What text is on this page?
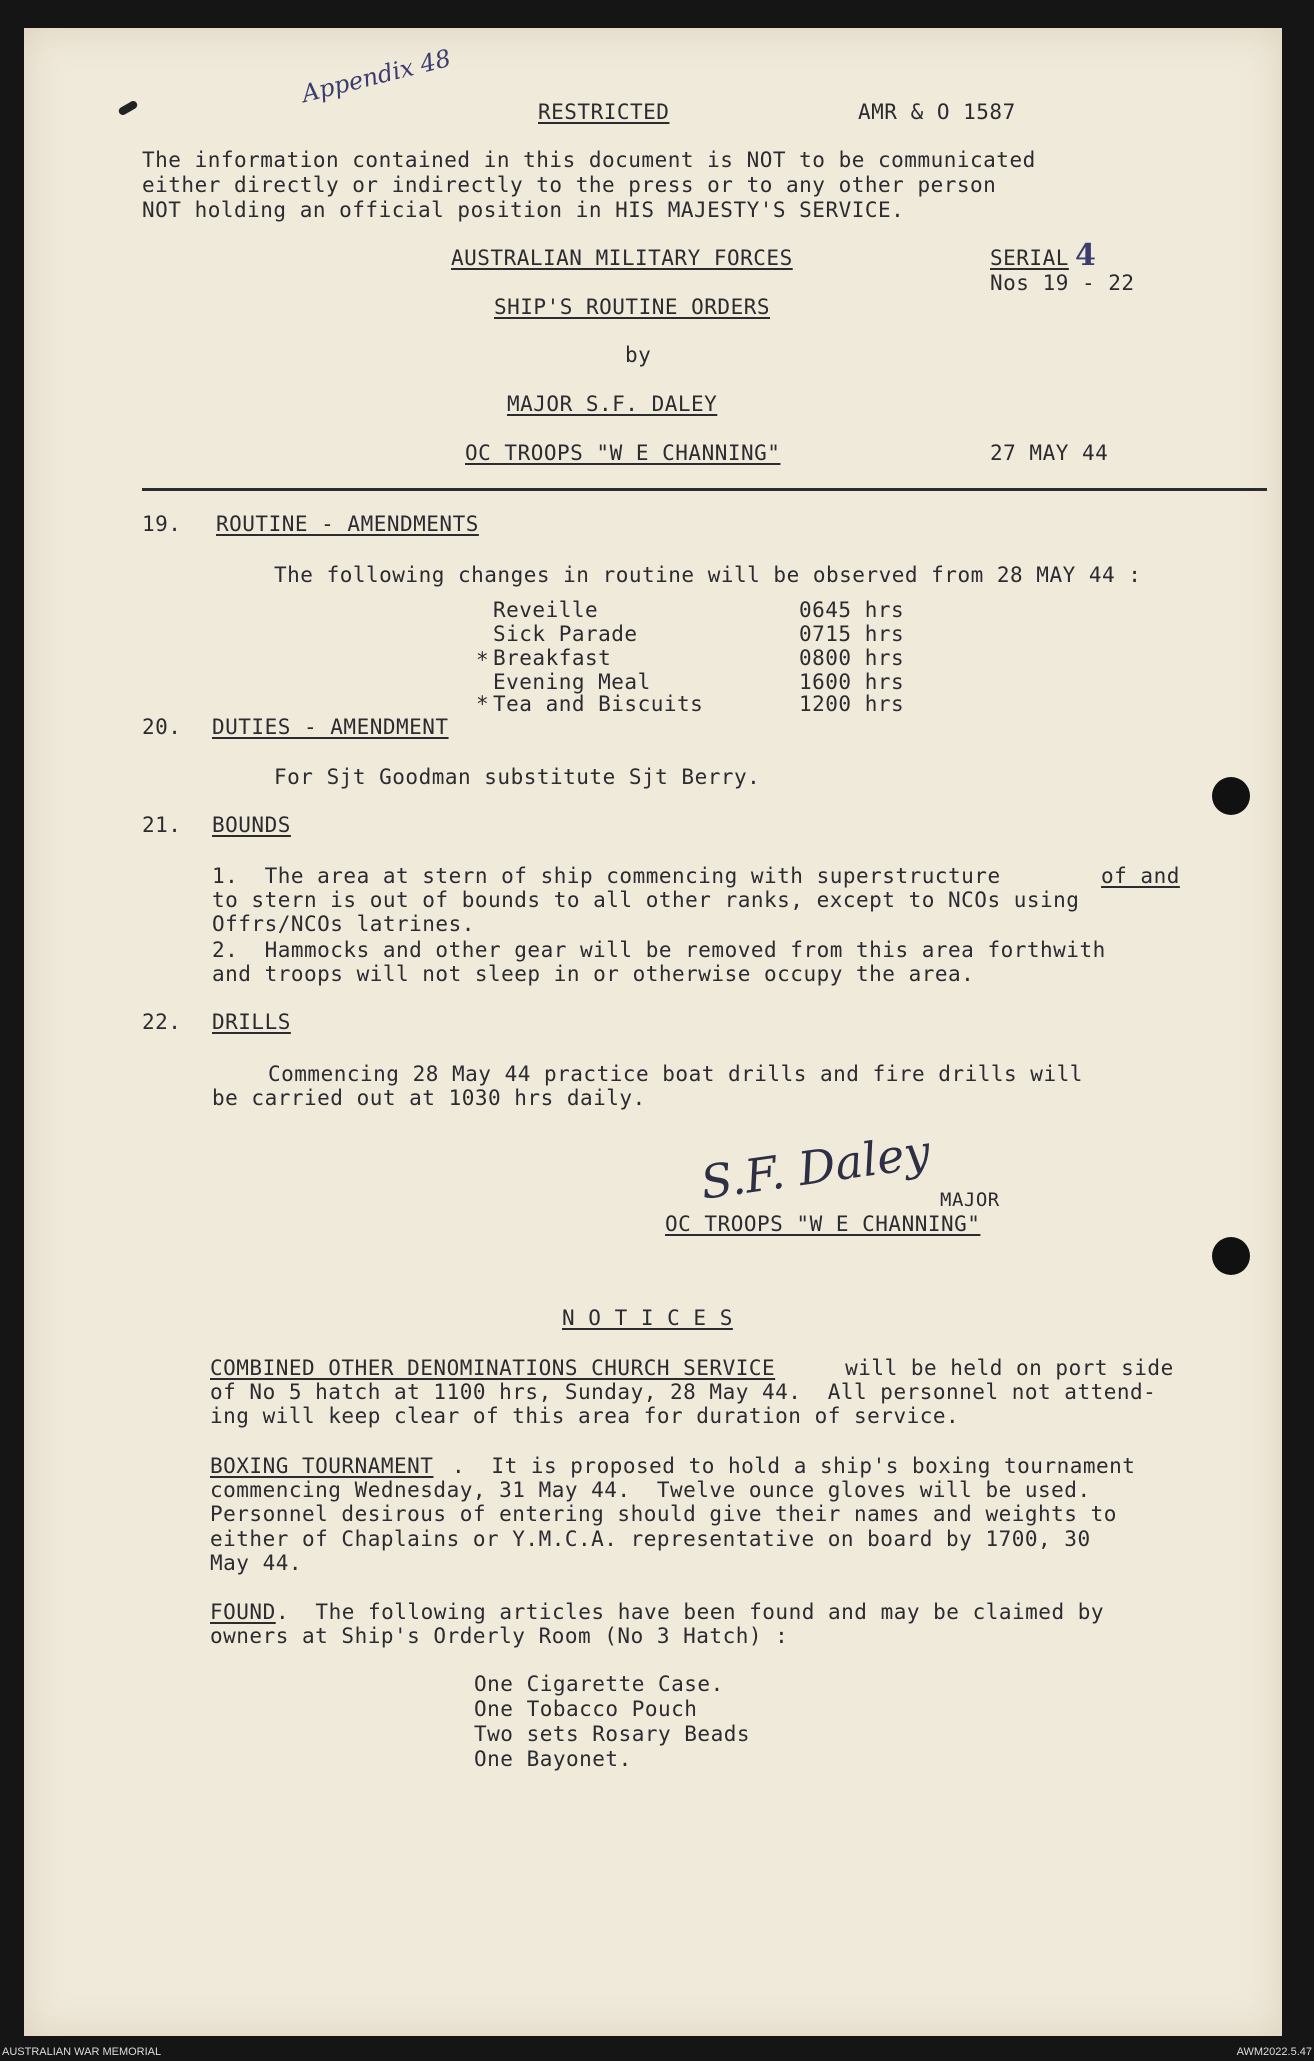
Appendix 48
RESTRICTED	AMR & O 1587
The information contained in this document is NOT to be communicated
either directly or indirectly to the press or to any other person
NOT holding an official position in HIS MAJESTY'S SERVICE.
AUSTRALIAN MILITARY FORCES	SERIAL 4
Nos 19 - 22
SHIP'S ROUTINE ORDERS
by
MAJOR S.F. DALEY
OC TROOPS "W E CHANNING"	27 MAY 44
19. ROUTINE - AMENDMENTS
The following changes in routine will be observed from 28 MAY 44 :
Reveille	0645 hrs
Sick Parade	0715 hrs
* Breakfast	0800 hrs
Evening Meal	1600 hrs
* Tea and Biscuits	1200 hrs
20. DUTIES - AMENDMENT
For Sjt Goodman substitute Sjt Berry.
21. BOUNDS
1.  The area at stern of ship commencing with superstructure	of and
to stern is out of bounds to all other ranks, except to NCOs using
Offrs/NCOs latrines.
2.  Hammocks and other gear will be removed from this area forthwith
and troops will not sleep in or otherwise occupy the area.
22. DRILLS
Commencing 28 May 44 practice boat drills and fire drills will
be carried out at 1030 hrs daily.
S.F. Daley MAJOR
OC TROOPS "W E CHANNING"
N O T I C E S
COMBINED OTHER DENOMINATIONS CHURCH SERVICE	will be held on port side
of No 5 hatch at 1100 hrs, Sunday, 28 May 44.  All personnel not attend-
ing will keep clear of this area for duration of service.
BOXING TOURNAMENT .  It is proposed to hold a ship's boxing tournament
commencing Wednesday, 31 May 44.  Twelve ounce gloves will be used.
Personnel desirous of entering should give their names and weights to
either of Chaplains or Y.M.C.A. representative on board by 1700, 30
May 44.
FOUND .  The following articles have been found and may be claimed by
owners at Ship's Orderly Room (No 3 Hatch) :
One Cigarette Case.
One Tobacco Pouch
Two sets Rosary Beads
One Bayonet.
AUSTRALIAN WAR MEMORIAL	AWM2022.5.47
